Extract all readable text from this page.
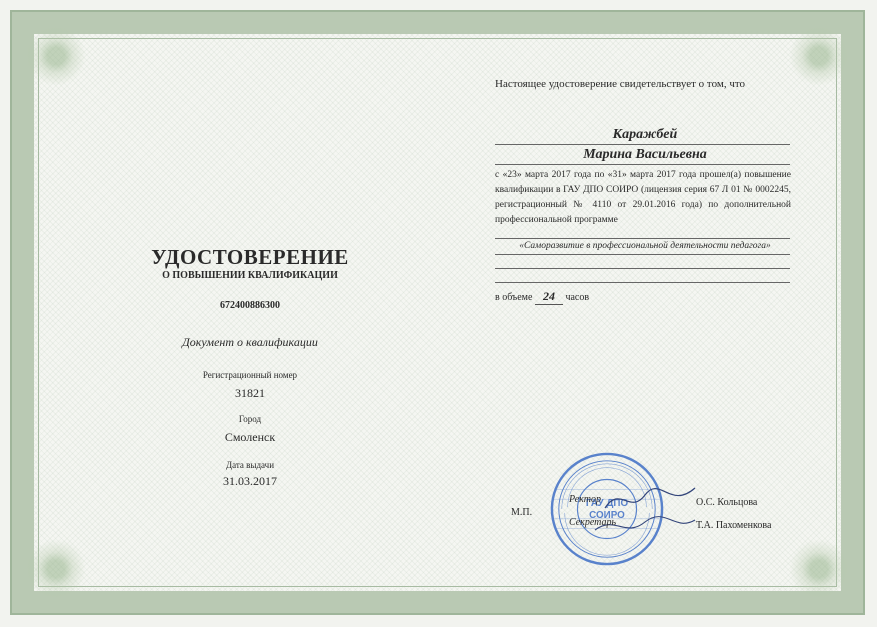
УДОСТОВЕРЕНИЕ
О ПОВЫШЕНИИ КВАЛИФИКАЦИИ
672400886300
Документ о квалификации
Регистрационный номер
31821
Город
Смоленск
Дата выдачи
31.03.2017
Настоящее удостоверение свидетельствует о том, что
Каражбей
Марина Васильевна
с «23» марта 2017 года по «31» марта 2017 года прошел(а) повышение квалификации в ГАУ ДПО СОИРО (лицензия серия 67 Л 01 № 0002245, регистрационный № 4110 от 29.01.2016 года) по дополнительной профессиональной программе
«Саморазвитие в профессиональной деятельности педагога»
в объеме 24 часов
ГАУ ДПО
СОИРО
М.П.
Ректор
Секретарь
О.С. Кольцова
Т.А. Пахоменкова
